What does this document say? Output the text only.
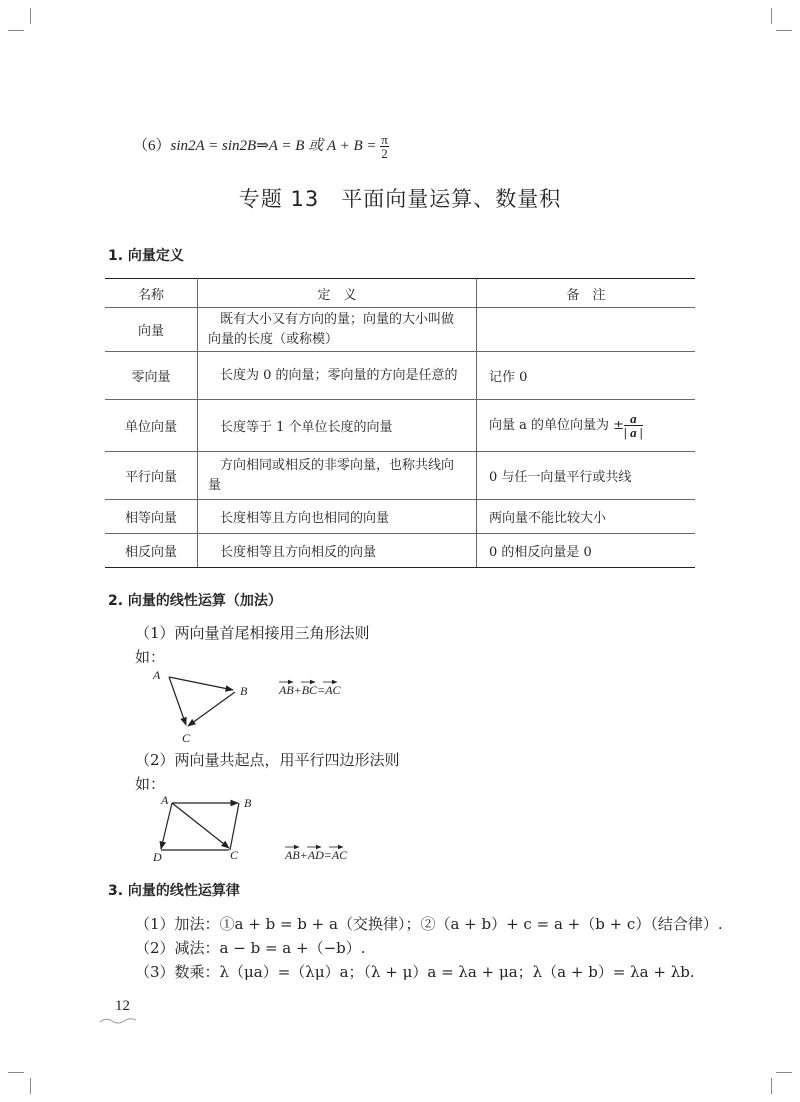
（6）sin2A = sin2B⇒A = B 或 $A + B = \frac{\pi}{2}$
专题 13　平面向量运算、数量积
1. 向量定义
名称	定　义	备　注
向量	既有大小又有方向的量；向量的大小叫做向量的长度（或称模）	
零向量	长度为 0 的向量；零向量的方向是任意的	记作 0
单位向量	长度等于 1 个单位长度的向量	向量 a 的单位向量为 ± $\frac{a}{| a |}$

平行向量	方向相同或相反的非零向量，也称共线向量	0 与任一向量平行或共线
相等向量	长度相等且方向也相同的向量	两向量不能比较大小
相反向量	长度相等且方向相反的向量	0 的相反向量是 0
2. 向量的线性运算（加法）
（1）两向量首尾相接用三角形法则
如：
A
B
C
AB+BC=AC
（2）两向量共起点，用平行四边形法则
如：
A	B
C
D	AB+AD=AC
3. 向量的线性运算律
（1）加法：①a + b = b + a（交换律）；②（a + b）+ c = a +（b + c）（结合律）.
（2）减法：a − b = a +（−b）.
（3）数乘：λ（μa）=（λμ）a；（λ + μ）a = λa + μa；λ（a + b）= λa + λb.
12
